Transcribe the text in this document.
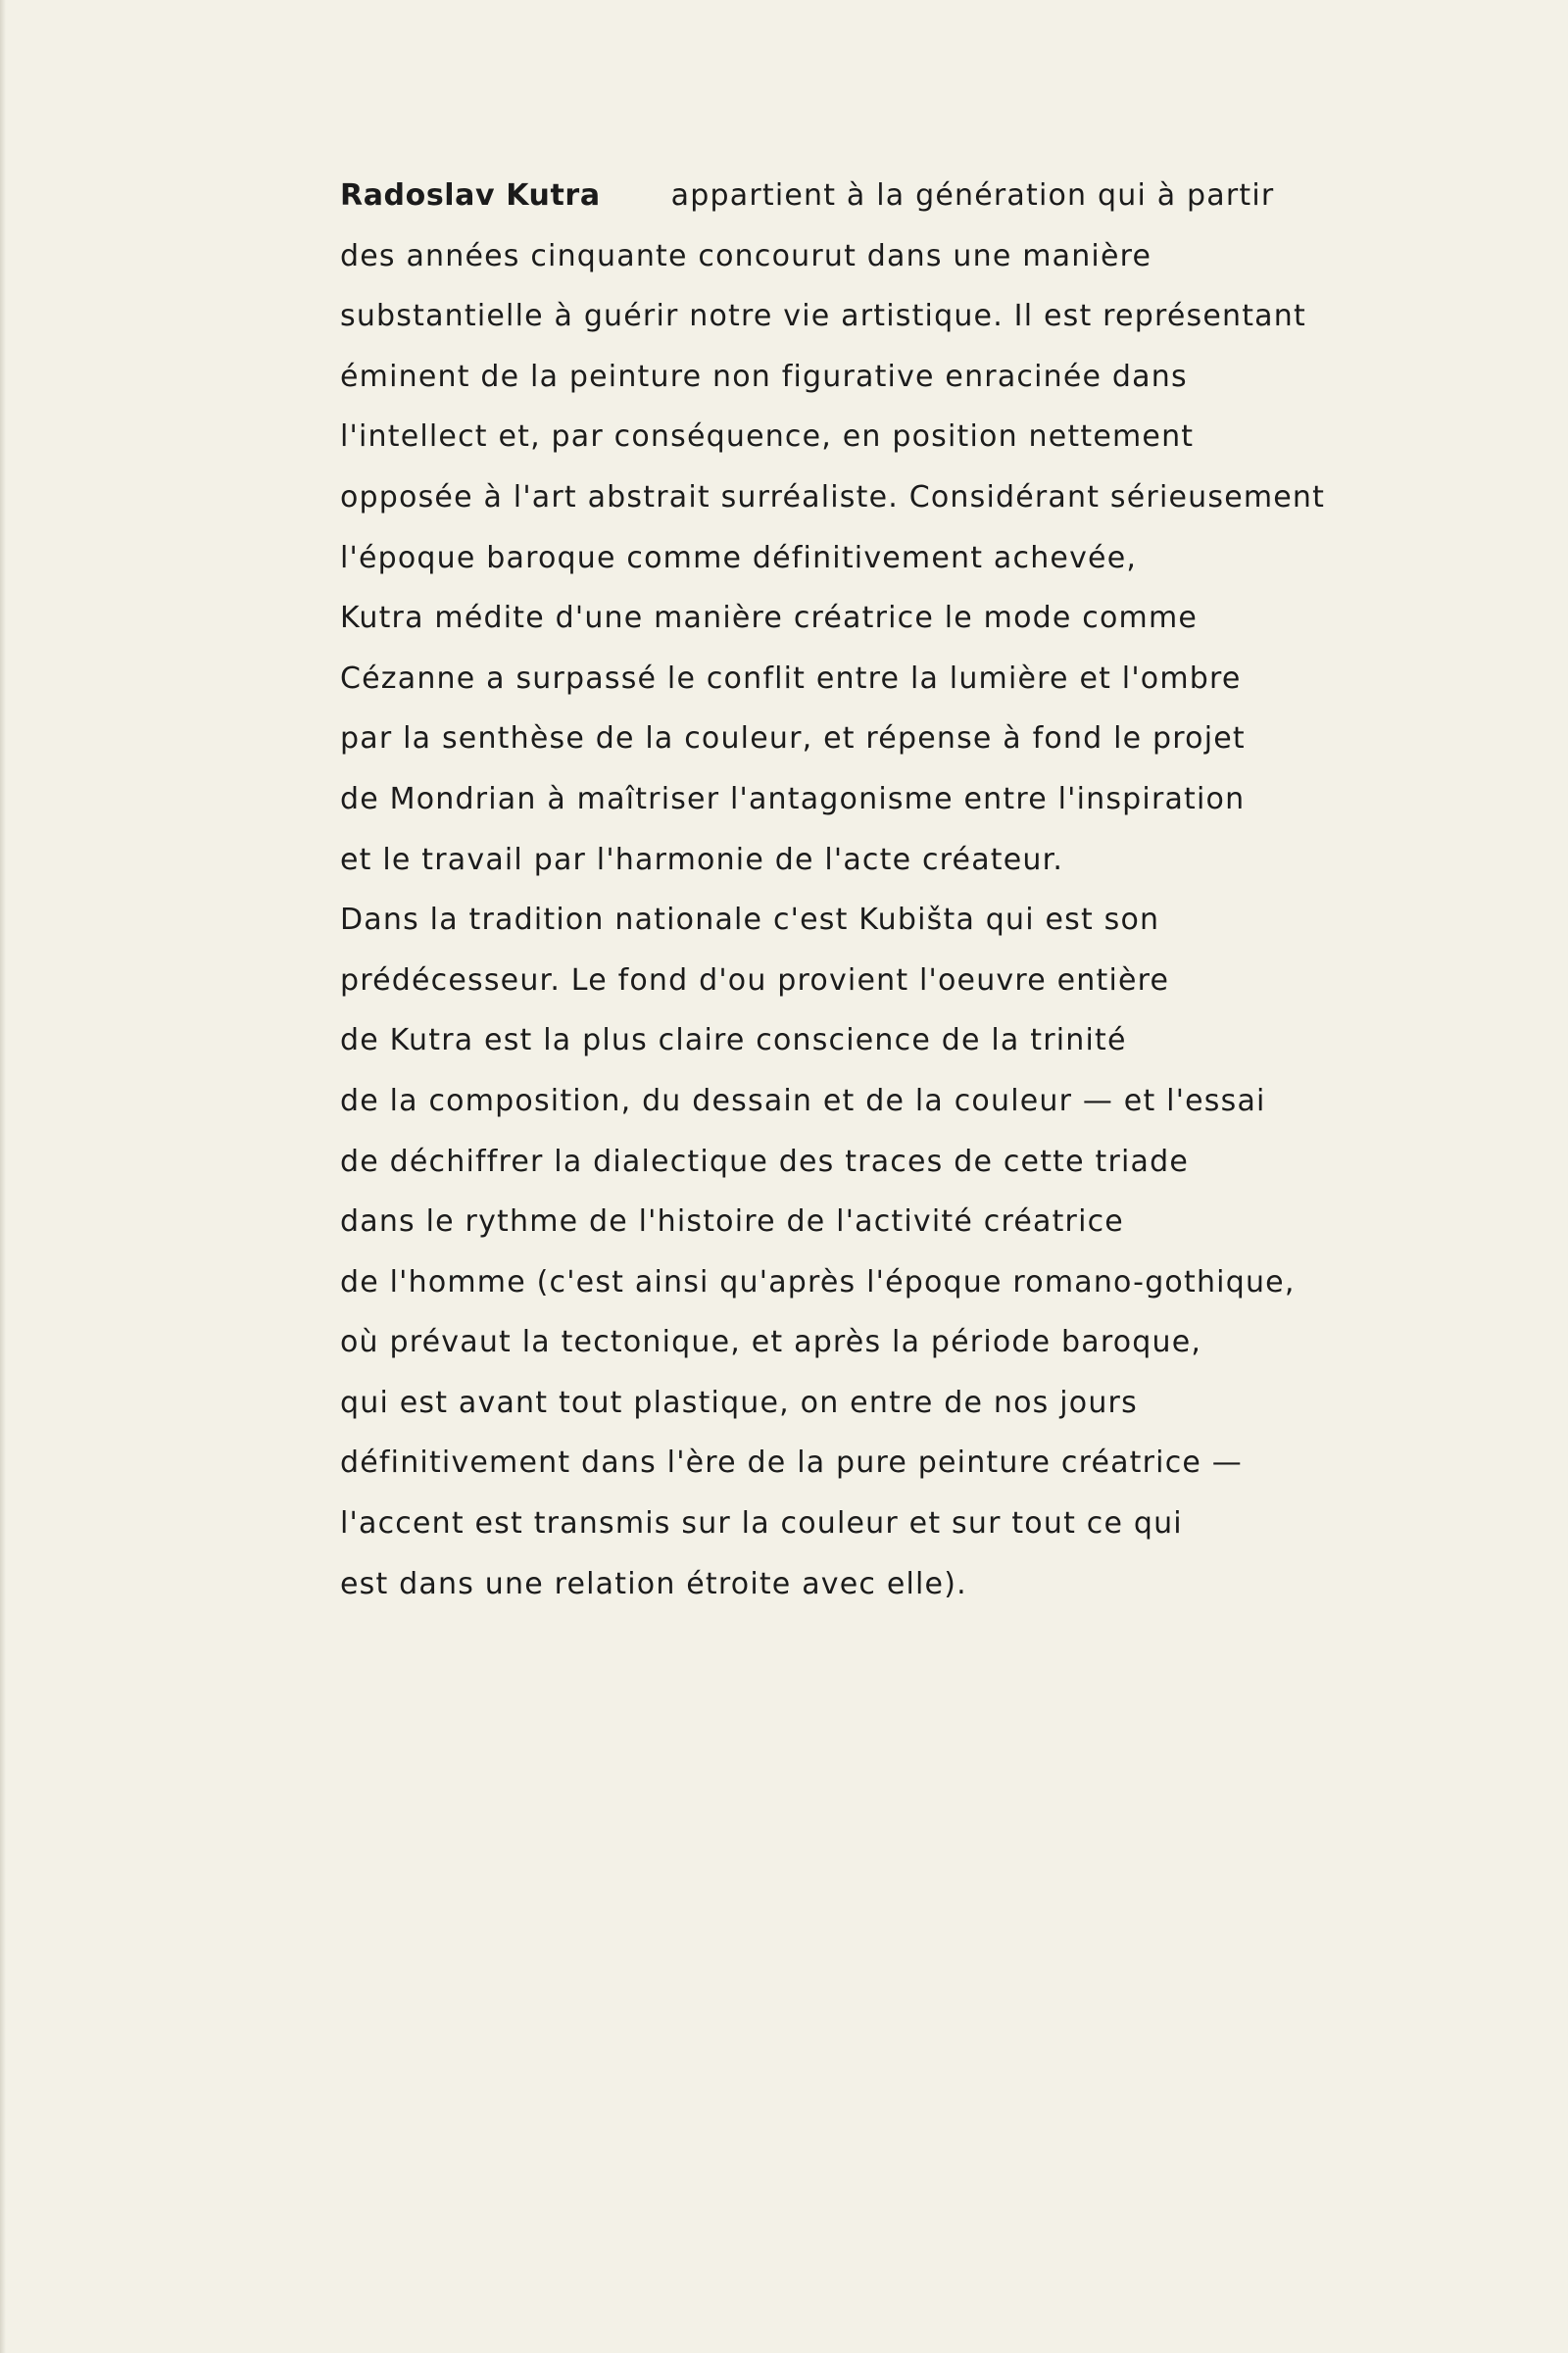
Radoslav Kutra appartient à la génération qui à partir
des années cinquante concourut dans une manière
substantielle à guérir notre vie artistique. Il est représentant
éminent de la peinture non figurative enracinée dans
l'intellect et, par conséquence, en position nettement
opposée à l'art abstrait surréaliste. Considérant sérieusement
l'époque baroque comme définitivement achevée,
Kutra médite d'une manière créatrice le mode comme
Cézanne a surpassé le conflit entre la lumière et l'ombre
par la senthèse de la couleur, et répense à fond le projet
de Mondrian à maîtriser l'antagonisme entre l'inspiration
et le travail par l'harmonie de l'acte créateur.
Dans la tradition nationale c'est Kubišta qui est son
prédécesseur. Le fond d'ou provient l'oeuvre entière
de Kutra est la plus claire conscience de la trinité
de la composition, du dessain et de la couleur — et l'essai
de déchiffrer la dialectique des traces de cette triade
dans le rythme de l'histoire de l'activité créatrice
de l'homme (c'est ainsi qu'après l'époque romano-gothique,
où prévaut la tectonique, et après la période baroque,
qui est avant tout plastique, on entre de nos jours
définitivement dans l'ère de la pure peinture créatrice —
l'accent est transmis sur la couleur et sur tout ce qui
est dans une relation étroite avec elle).
